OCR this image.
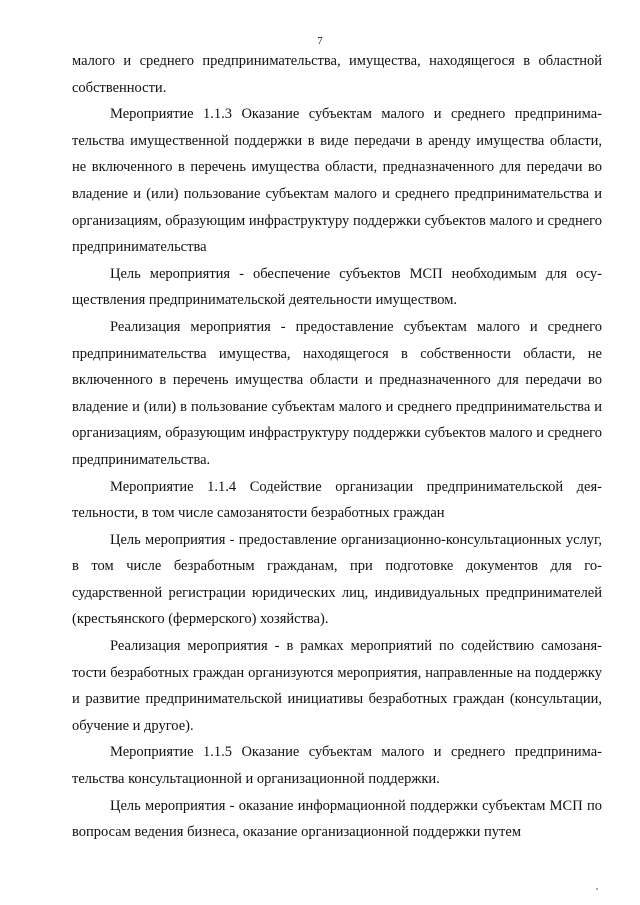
7

малого и среднего предпринимательства, имущества, находящегося в областной собственности.

Мероприятие 1.1.3 Оказание субъектам малого и среднего предпринимательства имущественной поддержки в виде передачи в аренду имущества области, не включенного в перечень имущества области, предназначенного для передачи во владение и (или) пользование субъектам малого и среднего предпринимательства и организациям, образующим инфраструктуру поддержки субъектов малого и среднего предпринимательства

Цель мероприятия - обеспечение субъектов МСП необходимым для осуществления предпринимательской деятельности имуществом.

Реализация мероприятия - предоставление субъектам малого и среднего предпринимательства имущества, находящегося в собственности области, не включенного в перечень имущества области и предназначенного для передачи во владение и (или) в пользование субъектам малого и среднего предпринимательства и организациям, образующим инфраструктуру поддержки субъектов малого и среднего предпринимательства.

Мероприятие 1.1.4 Содействие организации предпринимательской деятельности, в том числе самозанятости безработных граждан

Цель мероприятия - предоставление организационно-консультационных услуг, в том числе безработным гражданам, при подготовке документов для государственной регистрации юридических лиц, индивидуальных предпринимателей (крестьянского (фермерского) хозяйства).

Реализация мероприятия - в рамках мероприятий по содействию самозанятости безработных граждан организуются мероприятия, направленные на поддержку и развитие предпринимательской инициативы безработных граждан (консультации, обучение и другое).

Мероприятие 1.1.5 Оказание субъектам малого и среднего предпринимательства консультационной и организационной поддержки.

Цель мероприятия - оказание информационной поддержки субъектам МСП по вопросам ведения бизнеса, оказание организационной поддержки путем
